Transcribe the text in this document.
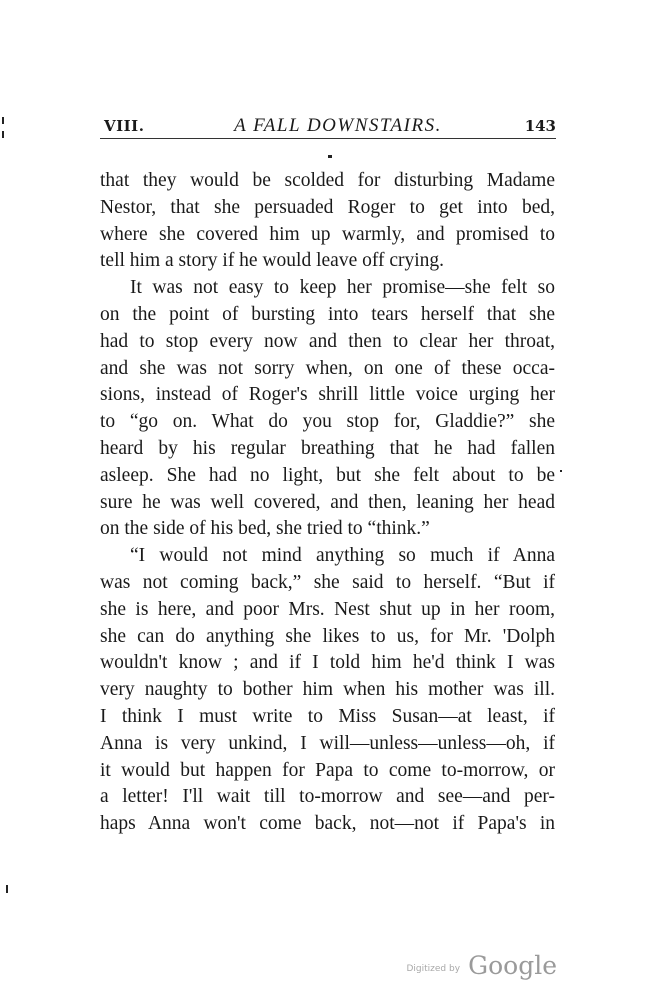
VIII.	A FALL DOWNSTAIRS.	143
that they would be scolded for disturbing Madame
Nestor, that she persuaded Roger to get into bed,
where she covered him up warmly, and promised to
tell him a story if he would leave off crying.
It was not easy to keep her promise—she felt so
on the point of bursting into tears herself that she
had to stop every now and then to clear her throat,
and she was not sorry when, on one of these occa-
sions, instead of Roger's shrill little voice urging her
to “go on. What do you stop for, Gladdie?” she
heard by his regular breathing that he had fallen
asleep. She had no light, but she felt about to be
sure he was well covered, and then, leaning her head
on the side of his bed, she tried to “think.”
“I would not mind anything so much if Anna
was not coming back,” she said to herself. “But if
she is here, and poor Mrs. Nest shut up in her room,
she can do anything she likes to us, for Mr. 'Dolph
wouldn't know ; and if I told him he'd think I was
very naughty to bother him when his mother was ill.
I think I must write to Miss Susan—at least, if
Anna is very unkind, I will—unless—unless—oh, if
it would but happen for Papa to come to-morrow, or
a letter! I'll wait till to-morrow and see—and per-
haps Anna won't come back, not—not if Papa's in
Digitized by Google
